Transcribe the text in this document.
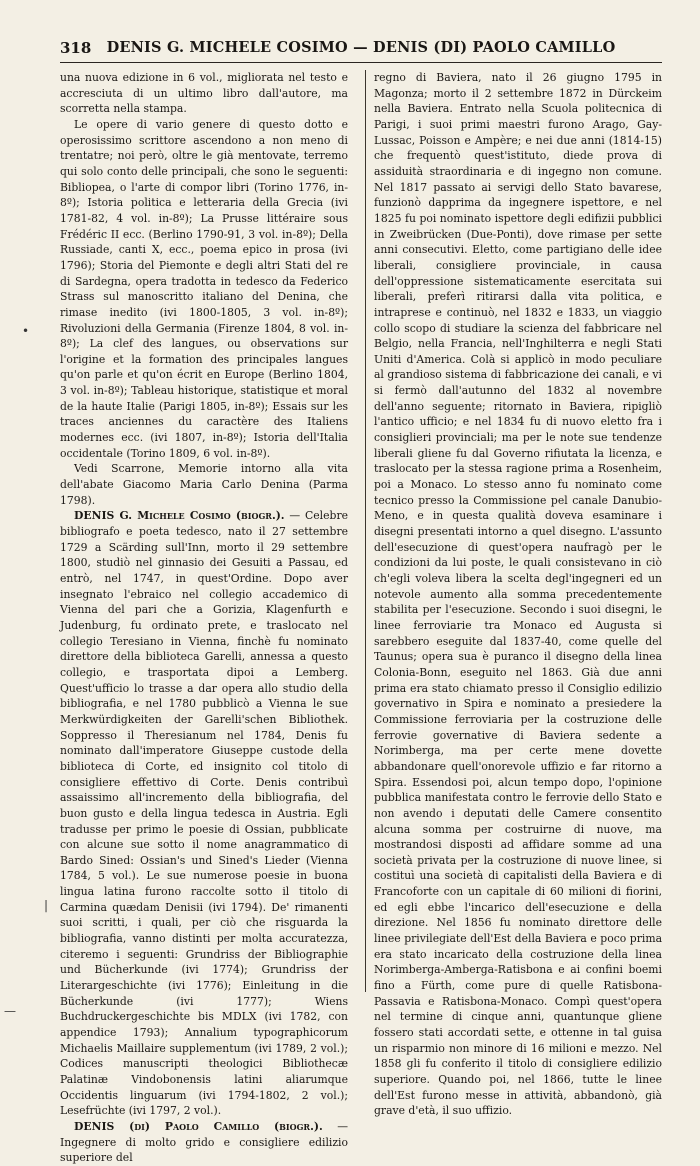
318	DENIS G. MICHELE COSIMO — DENIS (DI) PAOLO CAMILLO

una nuova edizione in 6 vol., migliorata nel testo e accresciuta di un ultimo libro dall'autore, ma scorretta nella stampa.

Le opere di vario genere di questo dotto e operosissimo scrittore ascendono a non meno di trentatre; noi però, oltre le già mentovate, terremo qui solo conto delle principali, che sono le seguenti: Bibliopea, o l'arte di compor libri (Torino 1776, in-8º); Istoria politica e letteraria della Grecia (ivi 1781-82, 4 vol. in-8º); La Prusse littéraire sous Frédéric II ecc. (Berlino 1790-91, 3 vol. in-8º); Della Russiade, canti X, ecc., poema epico in prosa (ivi 1796); Storia del Piemonte e degli altri Stati del re di Sardegna, opera tradotta in tedesco da Federico Strass sul manoscritto italiano del Denina, che rimase inedito (ivi 1800-1805, 3 vol. in-8º); Rivoluzioni della Germania (Firenze 1804, 8 vol. in-8º); La clef des langues, ou observations sur l'origine et la formation des principales langues qu'on parle et qu'on écrit en Europe (Berlino 1804, 3 vol. in-8º); Tableau historique, statistique et moral de la haute Italie (Parigi 1805, in-8º); Essais sur les traces anciennes du caractère des Italiens modernes ecc. (ivi 1807, in-8º); Istoria dell'Italia occidentale (Torino 1809, 6 vol. in-8º).

Vedi Scarrone, Memorie intorno alla vita dell'abate Giacomo Maria Carlo Denina (Parma 1798).

DENIS G. Michele Cosimo (biogr.). — Celebre bibliografo e poeta tedesco, nato il 27 settembre 1729 a Scärding sull'Inn, morto il 29 settembre 1800, studiò nel ginnasio dei Gesuiti a Passau, ed entrò, nel 1747, in quest'Ordine. Dopo aver insegnato l'ebraico nel collegio accademico di Vienna del pari che a Gorizia, Klagenfurth e Judenburg, fu ordinato prete, e traslocato nel collegio Teresiano in Vienna, finchè fu nominato direttore della biblioteca Garelli, annessa a questo collegio, e trasportata dipoi a Lemberg. Quest'ufficio lo trasse a dar opera allo studio della bibliografia, e nel 1780 pubblicò a Vienna le sue Merkwürdigkeiten der Garelli'schen Bibliothek. Soppresso il Theresianum nel 1784, Denis fu nominato dall'imperatore Giuseppe custode della biblioteca di Corte, ed insignito col titolo di consigliere effettivo di Corte. Denis contribuì assaissimo all'incremento della bibliografia, del buon gusto e della lingua tedesca in Austria. Egli tradusse per primo le poesie di Ossian, pubblicate con alcune sue sotto il nome anagrammatico di Bardo Sined: Ossian's und Sined's Lieder (Vienna 1784, 5 vol.). Le sue numerose poesie in buona lingua latina furono raccolte sotto il titolo di Carmina quædam Denisii (ivi 1794). De' rimanenti suoi scritti, i quali, per ciò che risguarda la bibliografia, vanno distinti per molta accuratezza, citeremo i seguenti: Grundriss der Bibliographie und Bücherkunde (ivi 1774); Grundriss der Literargeschichte (ivi 1776); Einleitung in die Bücherkunde (ivi 1777); Wiens Buchdruckergeschichte bis MDLX (ivi 1782, con appendice 1793); Annalium typographicorum Michaelis Maillaire supplementum (ivi 1789, 2 vol.); Codices manuscripti theologici Bibliothecæ Palatinæ Vindobonensis latini aliarumque Occidentis linguarum (ivi 1794-1802, 2 vol.); Lesefrüchte (ivi 1797, 2 vol.).

DENIS (di) Paolo Camillo (biogr.). — Ingegnere di molto grido e consigliere edilizio superiore del

regno di Baviera, nato il 26 giugno 1795 in Magonza; morto il 2 settembre 1872 in Dürckeim nella Baviera. Entrato nella Scuola politecnica di Parigi, i suoi primi maestri furono Arago, Gay-Lussac, Poisson e Ampère; e nei due anni (1814-15) che frequentò quest'istituto, diede prova di assiduità straordinaria e di ingegno non comune. Nel 1817 passato ai servigi dello Stato bavarese, funzionò dapprima da ingegnere ispettore, e nel 1825 fu poi nominato ispettore degli edifizii pubblici in Zweibrücken (Due-Ponti), dove rimase per sette anni consecutivi. Eletto, come partigiano delle idee liberali, consigliere provinciale, in causa dell'oppressione sistematicamente esercitata sui liberali, preferì ritirarsi dalla vita politica, e intraprese e continuò, nel 1832 e 1833, un viaggio collo scopo di studiare la scienza del fabbricare nel Belgio, nella Francia, nell'Inghilterra e negli Stati Uniti d'America. Colà si applicò in modo peculiare al grandioso sistema di fabbricazione dei canali, e vi si fermò dall'autunno del 1832 al novembre dell'anno seguente; ritornato in Baviera, ripigliò l'antico ufficio; e nel 1834 fu di nuovo eletto fra i consiglieri provinciali; ma per le note sue tendenze liberali gliene fu dal Governo rifiutata la licenza, e traslocato per la stessa ragione prima a Rosenheim, poi a Monaco. Lo stesso anno fu nominato come tecnico presso la Commissione pel canale Danubio-Meno, e in questa qualità doveva esaminare i disegni presentati intorno a quel disegno. L'assunto dell'esecuzione di quest'opera naufragò per le condizioni da lui poste, le quali consistevano in ciò ch'egli voleva libera la scelta degl'ingegneri ed un notevole aumento alla somma precedentemente stabilita per l'esecuzione. Secondo i suoi disegni, le linee ferroviarie tra Monaco ed Augusta si sarebbero eseguite dal 1837-40, come quelle del Taunus; opera sua è puranco il disegno della linea Colonia-Bonn, eseguito nel 1863. Già due anni prima era stato chiamato presso il Consiglio edilizio governativo in Spira e nominato a presiedere la Commissione ferroviaria per la costruzione delle ferrovie governative di Baviera sedente a Norimberga, ma per certe mene dovette abbandonare quell'onorevole uffizio e far ritorno a Spira. Essendosi poi, alcun tempo dopo, l'opinione pubblica manifestata contro le ferrovie dello Stato e non avendo i deputati delle Camere consentito alcuna somma per costruirne di nuove, ma mostrandosi disposti ad affidare somme ad una società privata per la costruzione di nuove linee, si costituì una società di capitalisti della Baviera e di Francoforte con un capitale di 60 milioni di fiorini, ed egli ebbe l'incarico dell'esecuzione e della direzione. Nel 1856 fu nominato direttore delle linee privilegiate dell'Est della Baviera e poco prima era stato incaricato della costruzione della linea Norimberga-Amberga-Ratisbona e ai confini boemi fino a Fürth, come pure di quelle Ratisbona-Passavia e Ratisbona-Monaco. Compì quest'opera nel termine di cinque anni, quantunque gliene fossero stati accordati sette, e ottenne in tal guisa un risparmio non minore di 16 milioni e mezzo. Nel 1858 gli fu conferito il titolo di consigliere edilizio superiore. Quando poi, nel 1866, tutte le linee dell'Est furono messe in attività, abbandonò, già grave d'età, il suo uffizio.

•
|
—
